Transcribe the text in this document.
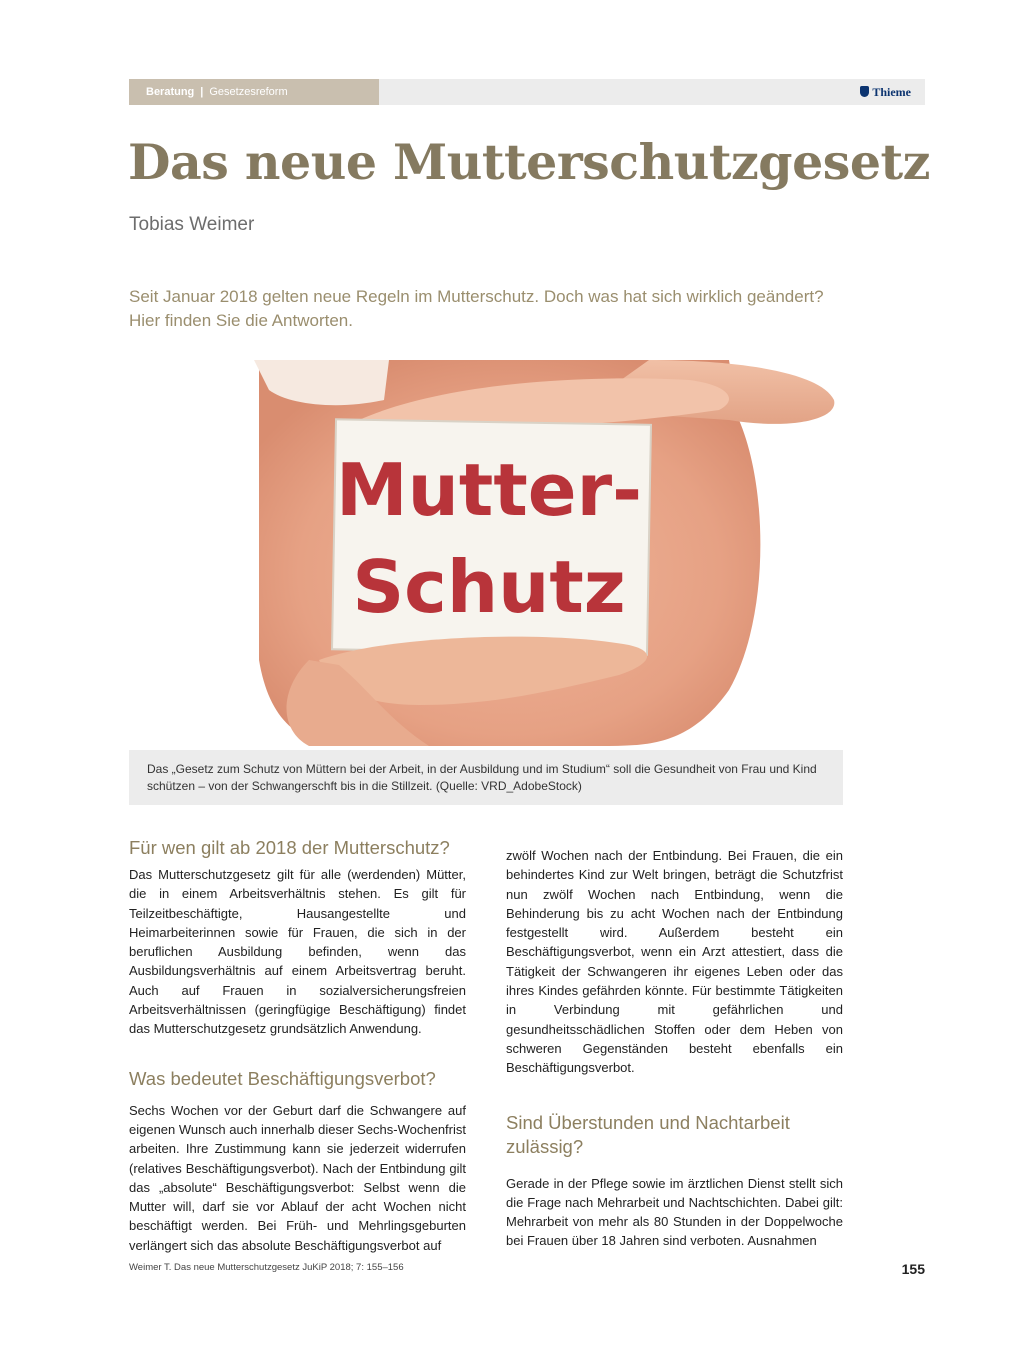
Beratung | Gesetzesreform	Thieme
Das neue Mutterschutzgesetz
Tobias Weimer
Seit Januar 2018 gelten neue Regeln im Mutterschutz. Doch was hat sich wirklich geändert? Hier finden Sie die Antworten.
Mutter-
Schutz
Das „Gesetz zum Schutz von Müttern bei der Arbeit, in der Ausbildung und im Studium“ soll die Gesundheit von Frau und Kind schützen – von der Schwangerschft bis in die Stillzeit. (Quelle: VRD_AdobeStock)
Für wen gilt ab 2018 der Mutterschutz?

Das Mutterschutzgesetz gilt für alle (werdenden) Mütter, die in einem Arbeitsverhältnis stehen. Es gilt für Teilzeitbeschäftigte, Hausangestellte und Heimarbeiterinnen sowie für Frauen, die sich in der beruflichen Ausbildung befinden, wenn das Ausbildungsverhältnis auf einem Arbeitsvertrag beruht. Auch auf Frauen in sozialversicherungsfreien Arbeitsverhältnissen (geringfügige Beschäftigung) findet das Mutterschutzgesetz grundsätzlich Anwendung.

Was bedeutet Beschäftigungsverbot?

Sechs Wochen vor der Geburt darf die Schwangere auf eigenen Wunsch auch innerhalb dieser Sechs-Wochenfrist arbeiten. Ihre Zustimmung kann sie jederzeit widerrufen (relatives Beschäftigungsverbot). Nach der Entbindung gilt das „absolute“ Beschäftigungsverbot: Selbst wenn die Mutter will, darf sie vor Ablauf der acht Wochen nicht beschäftigt werden. Bei Früh- und Mehrlingsgeburten verlängert sich das absolute Beschäftigungsverbot auf

zwölf Wochen nach der Entbindung. Bei Frauen, die ein behindertes Kind zur Welt bringen, beträgt die Schutzfrist nun zwölf Wochen nach Entbindung, wenn die Behinderung bis zu acht Wochen nach der Entbindung festgestellt wird. Außerdem besteht ein Beschäftigungsverbot, wenn ein Arzt attestiert, dass die Tätigkeit der Schwangeren ihr eigenes Leben oder das ihres Kindes gefährden könnte. Für bestimmte Tätigkeiten in Verbindung mit gefährlichen und gesundheitsschädlichen Stoffen oder dem Heben von schweren Gegenständen besteht ebenfalls ein Beschäftigungsverbot.

Sind Überstunden und Nachtarbeit zulässig?

Gerade in der Pflege sowie im ärztlichen Dienst stellt sich die Frage nach Mehrarbeit und Nachtschichten. Dabei gilt: Mehrarbeit von mehr als 80 Stunden in der Doppelwoche bei Frauen über 18 Jahren sind verboten. Ausnahmen

Weimer T. Das neue Mutterschutzgesetz JuKiP 2018; 7: 155–156	155
